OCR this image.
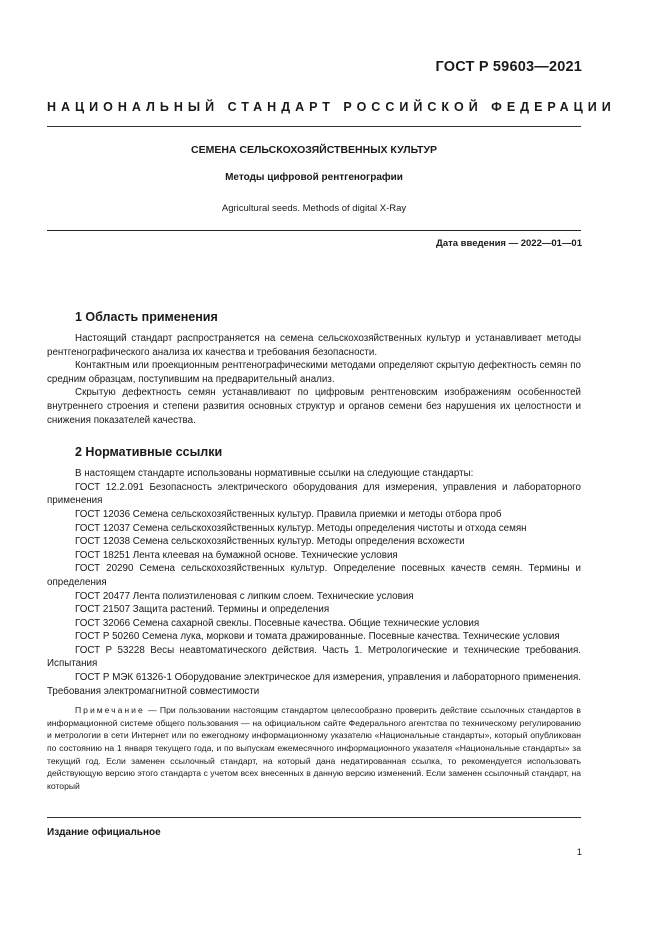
ГОСТ Р 59603—2021
НАЦИОНАЛЬНЫЙ СТАНДАРТ РОССИЙСКОЙ ФЕДЕРАЦИИ
СЕМЕНА СЕЛЬСКОХОЗЯЙСТВЕННЫХ КУЛЬТУР
Методы цифровой рентгенографии
Agricultural seeds. Methods of digital X-Ray
Дата введения — 2022—01—01
1 Область применения

Настоящий стандарт распространяется на семена сельскохозяйственных культур и устанавливает методы рентгенографического анализа их качества и требования безопасности.

Контактным или проекционным рентгенографическими методами определяют скрытую дефектность семян по средним образцам, поступившим на предварительный анализ.

Скрытую дефектность семян устанавливают по цифровым рентгеновским изображениям особенностей внутреннего строения и степени развития основных структур и органов семени без нарушения их целостности и снижения показателей качества.

2 Нормативные ссылки

В настоящем стандарте использованы нормативные ссылки на следующие стандарты:

ГОСТ 12.2.091 Безопасность электрического оборудования для измерения, управления и лабораторного применения

ГОСТ 12036 Семена сельскохозяйственных культур. Правила приемки и методы отбора проб

ГОСТ 12037 Семена сельскохозяйственных культур. Методы определения чистоты и отхода семян

ГОСТ 12038 Семена сельскохозяйственных культур. Методы определения всхожести

ГОСТ 18251 Лента клеевая на бумажной основе. Технические условия

ГОСТ 20290 Семена сельскохозяйственных культур. Определение посевных качеств семян. Термины и определения

ГОСТ 20477 Лента полиэтиленовая с липким слоем. Технические условия

ГОСТ 21507 Защита растений. Термины и определения

ГОСТ 32066 Семена сахарной свеклы. Посевные качества. Общие технические условия

ГОСТ Р 50260 Семена лука, моркови и томата дражированные. Посевные качества. Технические условия

ГОСТ Р 53228 Весы неавтоматического действия. Часть 1. Метрологические и технические требования. Испытания

ГОСТ Р МЭК 61326-1 Оборудование электрическое для измерения, управления и лабораторного применения. Требования электромагнитной совместимости

Примечание — При пользовании настоящим стандартом целесообразно проверить действие ссылочных стандартов в информационной системе общего пользования — на официальном сайте Федерального агентства по техническому регулированию и метрологии в сети Интернет или по ежегодному информационному указателю «Национальные стандарты», который опубликован по состоянию на 1 января текущего года, и по выпускам ежемесячного информационного указателя «Национальные стандарты» за текущий год. Если заменен ссылочный стандарт, на который дана недатированная ссылка, то рекомендуется использовать действующую версию этого стандарта с учетом всех внесенных в данную версию изменений. Если заменен ссылочный стандарт, на который
Издание официальное
1
